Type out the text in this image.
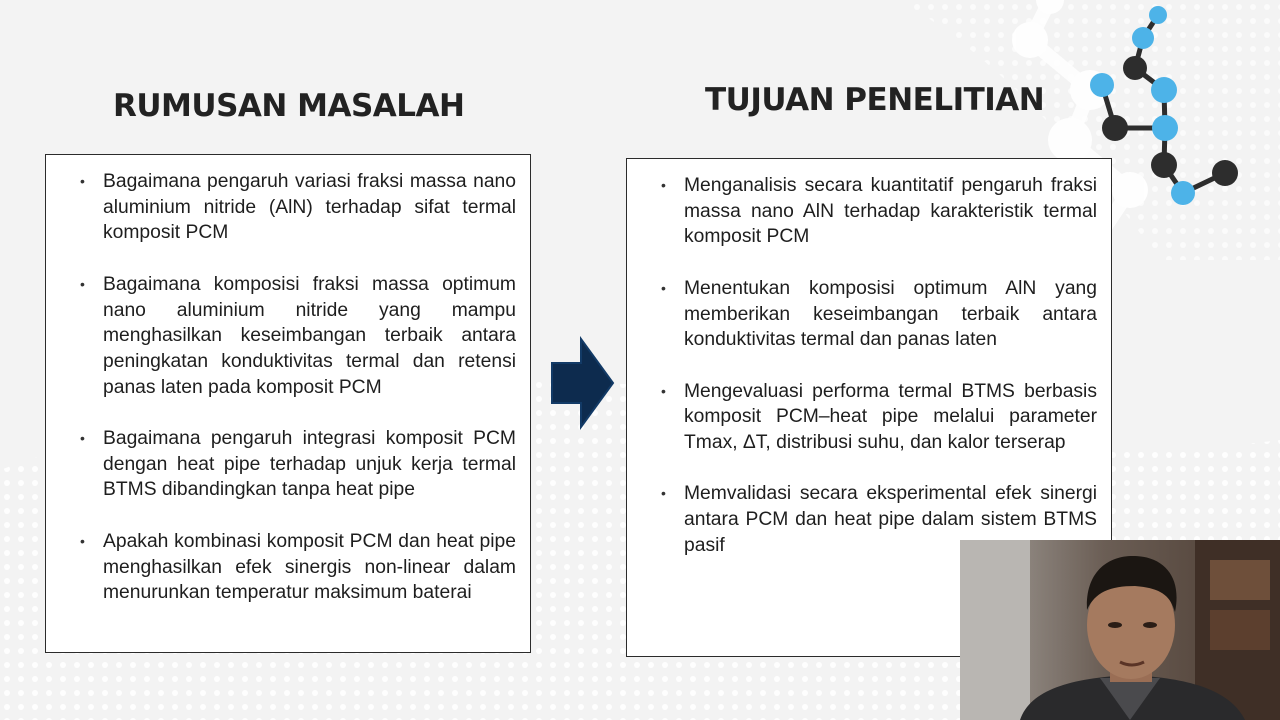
RUMUSAN MASALAH	TUJUAN PENELITIAN
• Bagaimana pengaruh variasi fraksi massa nano aluminium nitride (AlN) terhadap sifat termal komposit PCM
• Bagaimana komposisi fraksi massa optimum nano aluminium nitride yang mampu menghasilkan keseimbangan terbaik antara peningkatan konduktivitas termal dan retensi panas laten pada komposit PCM
• Bagaimana pengaruh integrasi komposit PCM dengan heat pipe terhadap unjuk kerja termal BTMS dibandingkan tanpa heat pipe
• Apakah kombinasi komposit PCM dan heat pipe menghasilkan efek sinergis non-linear dalam menurunkan temperatur maksimum baterai
• Menganalisis secara kuantitatif pengaruh fraksi massa nano AlN terhadap karakteristik termal komposit PCM
• Menentukan komposisi optimum AlN yang memberikan keseimbangan terbaik antara konduktivitas termal dan panas laten
• Mengevaluasi performa termal BTMS berbasis komposit PCM–heat pipe melalui parameter Tmax, ΔT, distribusi suhu, dan kalor terserap
• Memvalidasi secara eksperimental efek sinergi antara PCM dan heat pipe dalam sistem BTMS pasif
